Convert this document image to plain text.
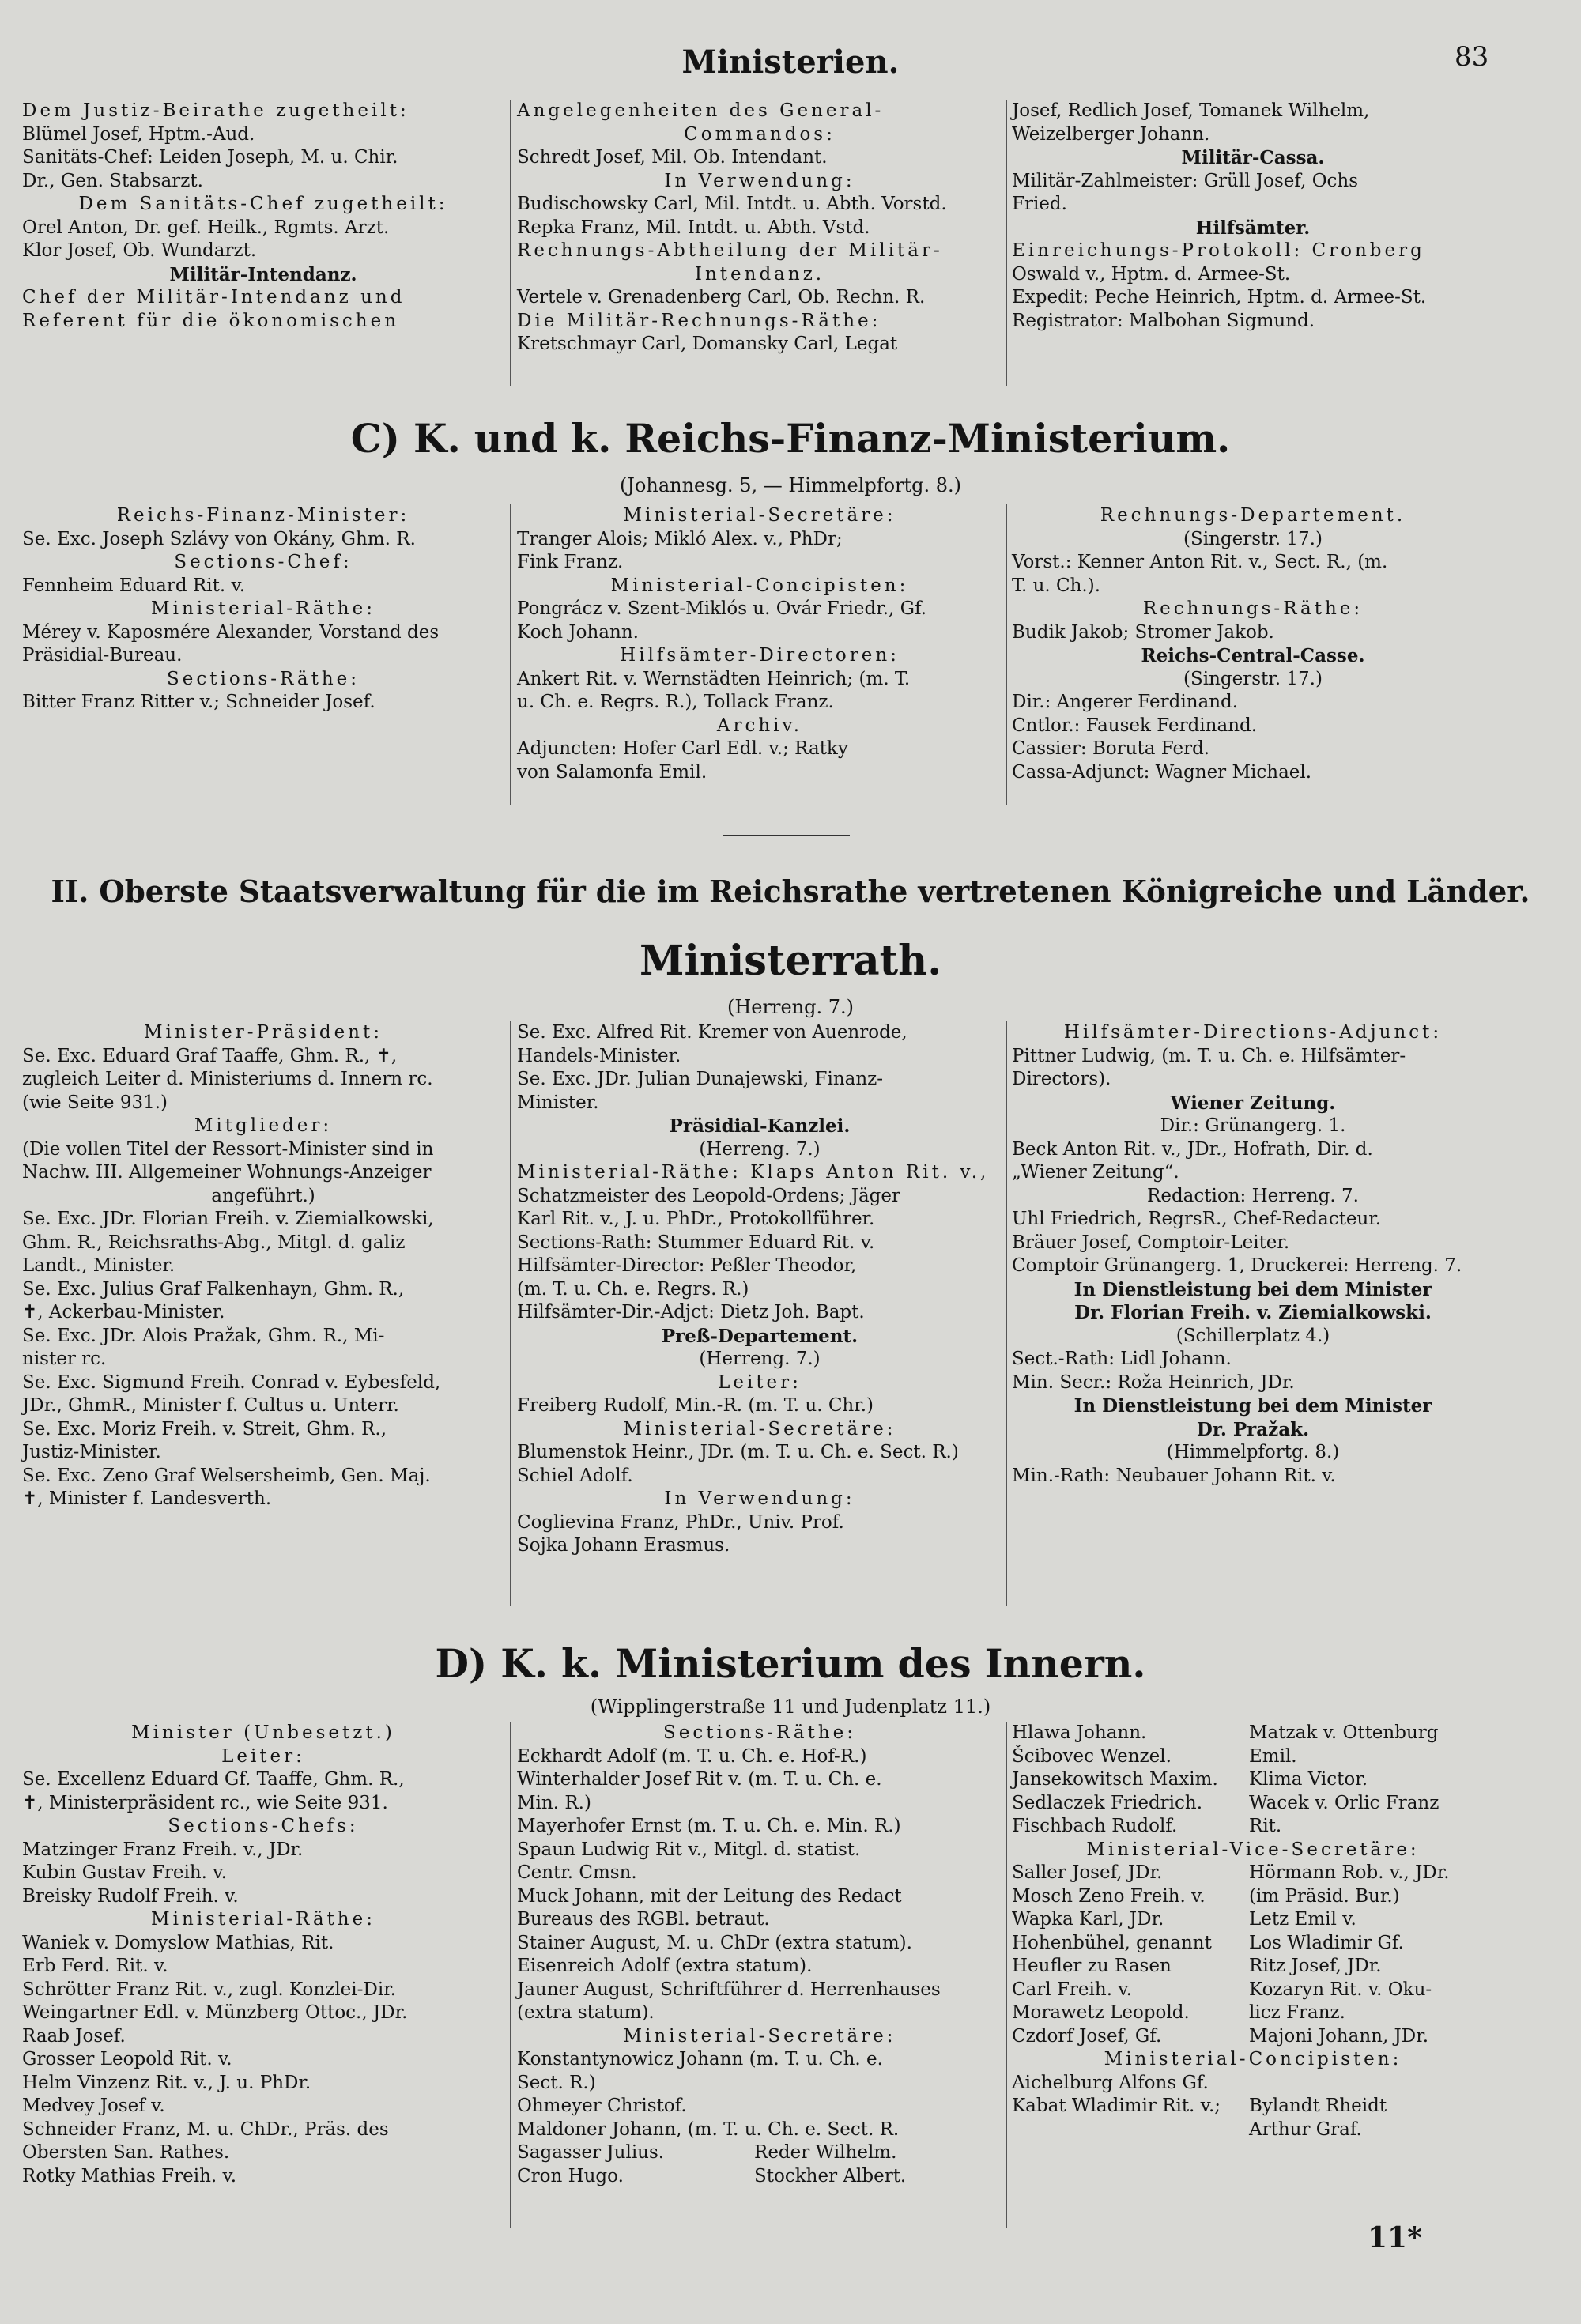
Ministerien.	83
Dem Justiz-Beirathe zugetheilt:
Blümel Josef, Hptm.-Aud.
Sanitäts-Chef: Leiden Joseph, M. u. Chir.
Dr., Gen. Stabsarzt.
Dem Sanitäts-Chef zugetheilt:
Orel Anton, Dr. gef. Heilk., Rgmts. Arzt.
Klor Josef, Ob. Wundarzt.
Militär-Intendanz.
Chef der Militär-Intendanz und
Referent für die ökonomischen
Angelegenheiten des General-
Commandos:
Schredt Josef, Mil. Ob. Intendant.
In Verwendung:
Budischowsky Carl, Mil. Intdt. u. Abth. Vorstd.
Repka Franz, Mil. Intdt. u. Abth. Vstd.
Rechnungs-Abtheilung der Militär-
Intendanz.
Vertele v. Grenadenberg Carl, Ob. Rechn. R.
Die Militär-Rechnungs-Räthe:
Kretschmayr Carl, Domansky Carl, Legat
Josef, Redlich Josef, Tomanek Wilhelm,
Weizelberger Johann.
Militär-Cassa.
Militär-Zahlmeister: Grüll Josef, Ochs
Fried.
Hilfsämter.
Einreichungs-Protokoll: Cronberg
Oswald v., Hptm. d. Armee-St.
Expedit: Peche Heinrich, Hptm. d. Armee-St.
Registrator: Malbohan Sigmund.
C) K. und k. Reichs-Finanz-Ministerium.
(Johannesg. 5, — Himmelpfortg. 8.)
Reichs-Finanz-Minister:
Se. Exc. Joseph Szlávy von Okány, Ghm. R.
Sections-Chef:
Fennheim Eduard Rit. v.
Ministerial-Räthe:
Mérey v. Kaposmére Alexander, Vorstand des
Präsidial-Bureau.
Sections-Räthe:
Bitter Franz Ritter v.; Schneider Josef.
Ministerial-Secretäre:
Tranger Alois; Mikló Alex. v., PhDr;
Fink Franz.
Ministerial-Concipisten:
Pongrácz v. Szent-Miklós u. Ovár Friedr., Gf.
Koch Johann.
Hilfsämter-Directoren:
Ankert Rit. v. Wernstädten Heinrich; (m. T.
u. Ch. e. Regrs. R.), Tollack Franz.
Archiv.
Adjuncten: Hofer Carl Edl. v.; Ratky
von Salamonfa Emil.
Rechnungs-Departement.
(Singerstr. 17.)
Vorst.: Kenner Anton Rit. v., Sect. R., (m.
T. u. Ch.).
Rechnungs-Räthe:
Budik Jakob; Stromer Jakob.
Reichs-Central-Casse.
(Singerstr. 17.)
Dir.: Angerer Ferdinand.
Cntlor.: Fausek Ferdinand.
Cassier: Boruta Ferd.
Cassa-Adjunct: Wagner Michael.
II. Oberste Staatsverwaltung für die im Reichsrathe vertretenen Königreiche und Länder.
Ministerrath.
(Herreng. 7.)
Minister-Präsident:
Se. Exc. Eduard Graf Taaffe, Ghm. R., ✝,
zugleich Leiter d. Ministeriums d. Innern rc.
(wie Seite 931.)
Mitglieder:
(Die vollen Titel der Ressort-Minister sind in
Nachw. III. Allgemeiner Wohnungs-Anzeiger
angeführt.)
Se. Exc. JDr. Florian Freih. v. Ziemialkowski,
Ghm. R., Reichsraths-Abg., Mitgl. d. galiz
Landt., Minister.
Se. Exc. Julius Graf Falkenhayn, Ghm. R.,
✝, Ackerbau-Minister.
Se. Exc. JDr. Alois Pražak, Ghm. R., Mi-
nister rc.
Se. Exc. Sigmund Freih. Conrad v. Eybesfeld,
JDr., GhmR., Minister f. Cultus u. Unterr.
Se. Exc. Moriz Freih. v. Streit, Ghm. R.,
Justiz-Minister.
Se. Exc. Zeno Graf Welsersheimb, Gen. Maj.
✝, Minister f. Landesverth.
Se. Exc. Alfred Rit. Kremer von Auenrode,
Handels-Minister.
Se. Exc. JDr. Julian Dunajewski, Finanz-
Minister.
Präsidial-Kanzlei.
(Herreng. 7.)
Ministerial-Räthe: Klaps Anton Rit. v.,
Schatzmeister des Leopold-Ordens; Jäger
Karl Rit. v., J. u. PhDr., Protokollführer.
Sections-Rath: Stummer Eduard Rit. v.
Hilfsämter-Director: Peßler Theodor,
(m. T. u. Ch. e. Regrs. R.)
Hilfsämter-Dir.-Adjct: Dietz Joh. Bapt.
Preß-Departement.
(Herreng. 7.)
Leiter:
Freiberg Rudolf, Min.-R. (m. T. u. Chr.)
Ministerial-Secretäre:
Blumenstok Heinr., JDr. (m. T. u. Ch. e. Sect. R.)
Schiel Adolf.
In Verwendung:
Coglievina Franz, PhDr., Univ. Prof.
Sojka Johann Erasmus.
Hilfsämter-Directions-Adjunct:
Pittner Ludwig, (m. T. u. Ch. e. Hilfsämter-
Directors).
Wiener Zeitung.
Dir.: Grünangerg. 1.
Beck Anton Rit. v., JDr., Hofrath, Dir. d.
„Wiener Zeitung“.
Redaction: Herreng. 7.
Uhl Friedrich, RegrsR., Chef-Redacteur.
Bräuer Josef, Comptoir-Leiter.
Comptoir Grünangerg. 1, Druckerei: Herreng. 7.
In Dienstleistung bei dem Minister
Dr. Florian Freih. v. Ziemialkowski.
(Schillerplatz 4.)
Sect.-Rath: Lidl Johann.
Min. Secr.: Roža Heinrich, JDr.
In Dienstleistung bei dem Minister
Dr. Pražak.
(Himmelpfortg. 8.)
Min.-Rath: Neubauer Johann Rit. v.
D) K. k. Ministerium des Innern.
(Wipplingerstraße 11 und Judenplatz 11.)
Minister (Unbesetzt.)
Leiter:
Se. Excellenz Eduard Gf. Taaffe, Ghm. R.,
✝, Ministerpräsident rc., wie Seite 931.
Sections-Chefs:
Matzinger Franz Freih. v., JDr.
Kubin Gustav Freih. v.
Breisky Rudolf Freih. v.
Ministerial-Räthe:
Waniek v. Domyslow Mathias, Rit.
Erb Ferd. Rit. v.
Schrötter Franz Rit. v., zugl. Konzlei-Dir.
Weingartner Edl. v. Münzberg Ottoc., JDr.
Raab Josef.
Grosser Leopold Rit. v.
Helm Vinzenz Rit. v., J. u. PhDr.
Medvey Josef v.
Schneider Franz, M. u. ChDr., Präs. des
Obersten San. Rathes.
Rotky Mathias Freih. v.
Sections-Räthe:
Eckhardt Adolf (m. T. u. Ch. e. Hof-R.)
Winterhalder Josef Rit v. (m. T. u. Ch. e.
Min. R.)
Mayerhofer Ernst (m. T. u. Ch. e. Min. R.)
Spaun Ludwig Rit v., Mitgl. d. statist.
Centr. Cmsn.
Muck Johann, mit der Leitung des Redact
Bureaus des RGBl. betraut.
Stainer August, M. u. ChDr (extra statum).
Eisenreich Adolf (extra statum).
Jauner August, Schriftführer d. Herrenhauses
(extra statum).
Ministerial-Secretäre:
Konstantynowicz Johann (m. T. u. Ch. e.
Sect. R.)
Ohmeyer Christof.
Maldoner Johann, (m. T. u. Ch. e. Sect. R.
Sagasser Julius.	Reder Wilhelm.
Cron Hugo.	Stockher Albert.
Hlawa Johann.	Matzak v. Ottenburg
Šcibovec Wenzel.	Emil.
Jansekowitsch Maxim.	Klima Victor.
Sedlaczek Friedrich.	Wacek v. Orlic Franz
Fischbach Rudolf.	Rit.
Ministerial-Vice-Secretäre:
Saller Josef, JDr.	Hörmann Rob. v., JDr.
Mosch Zeno Freih. v.	(im Präsid. Bur.)
Wapka Karl, JDr.	Letz Emil v.
Hohenbühel, genannt	Los Wladimir Gf.
Heufler zu Rasen	Ritz Josef, JDr.
Carl Freih. v.	Kozaryn Rit. v. Oku-
Morawetz Leopold.	licz Franz.
Czdorf Josef, Gf.	Majoni Johann, JDr.
Ministerial-Concipisten:
Aichelburg Alfons Gf.
Kabat Wladimir Rit. v.;	Bylandt Rheidt
Arthur Graf.
11*
